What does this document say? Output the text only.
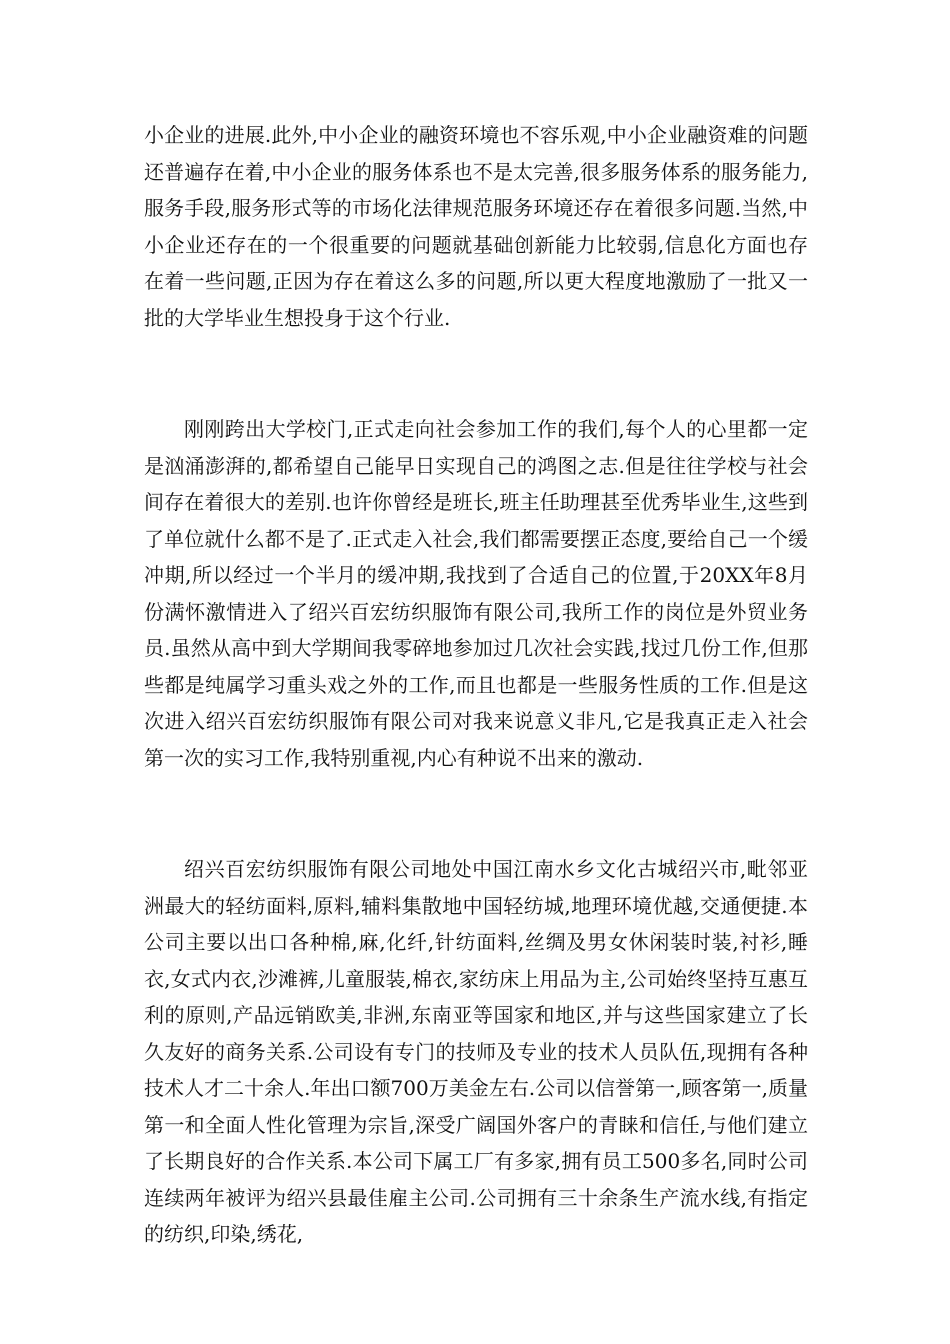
小企业的进展.此外,中小企业的融资环境也不容乐观,中小企业融资难的问题还普遍存在着,中小企业的服务体系也不是太完善,很多服务体系的服务能力,服务手段,服务形式等的市场化法律规范服务环境还存在着很多问题.当然,中小企业还存在的一个很重要的问题就基础创新能力比较弱,信息化方面也存在着一些问题,正因为存在着这么多的问题,所以更大程度地激励了一批又一批的大学毕业生想投身于这个行业.

刚刚跨出大学校门,正式走向社会参加工作的我们,每个人的心里都一定是汹涌澎湃的,都希望自己能早日实现自己的鸿图之志.但是往往学校与社会间存在着很大的差别.也许你曾经是班长,班主任助理甚至优秀毕业生,这些到了单位就什么都不是了.正式走入社会,我们都需要摆正态度,要给自己一个缓冲期,所以经过一个半月的缓冲期,我找到了合适自己的位置,于20XX年8月份满怀激情进入了绍兴百宏纺织服饰有限公司,我所工作的岗位是外贸业务员.虽然从高中到大学期间我零碎地参加过几次社会实践,找过几份工作,但那些都是纯属学习重头戏之外的工作,而且也都是一些服务性质的工作.但是这次进入绍兴百宏纺织服饰有限公司对我来说意义非凡,它是我真正走入社会第一次的实习工作,我特别重视,内心有种说不出来的激动.

绍兴百宏纺织服饰有限公司地处中国江南水乡文化古城绍兴市,毗邻亚洲最大的轻纺面料,原料,辅料集散地中国轻纺城,地理环境优越,交通便捷.本公司主要以出口各种棉,麻,化纤,针纺面料,丝绸及男女休闲装时装,衬衫,睡衣,女式内衣,沙滩裤,儿童服装,棉衣,家纺床上用品为主,公司始终坚持互惠互利的原则,产品远销欧美,非洲,东南亚等国家和地区,并与这些国家建立了长久友好的商务关系.公司设有专门的技师及专业的技术人员队伍,现拥有各种技术人才二十余人.年出口额700万美金左右.公司以信誉第一,顾客第一,质量第一和全面人性化管理为宗旨,深受广阔国外客户的青睐和信任,与他们建立了长期良好的合作关系.本公司下属工厂有多家,拥有员工500多名,同时公司连续两年被评为绍兴县最佳雇主公司.公司拥有三十余条生产流水线,有指定的纺织,印染,绣花,
